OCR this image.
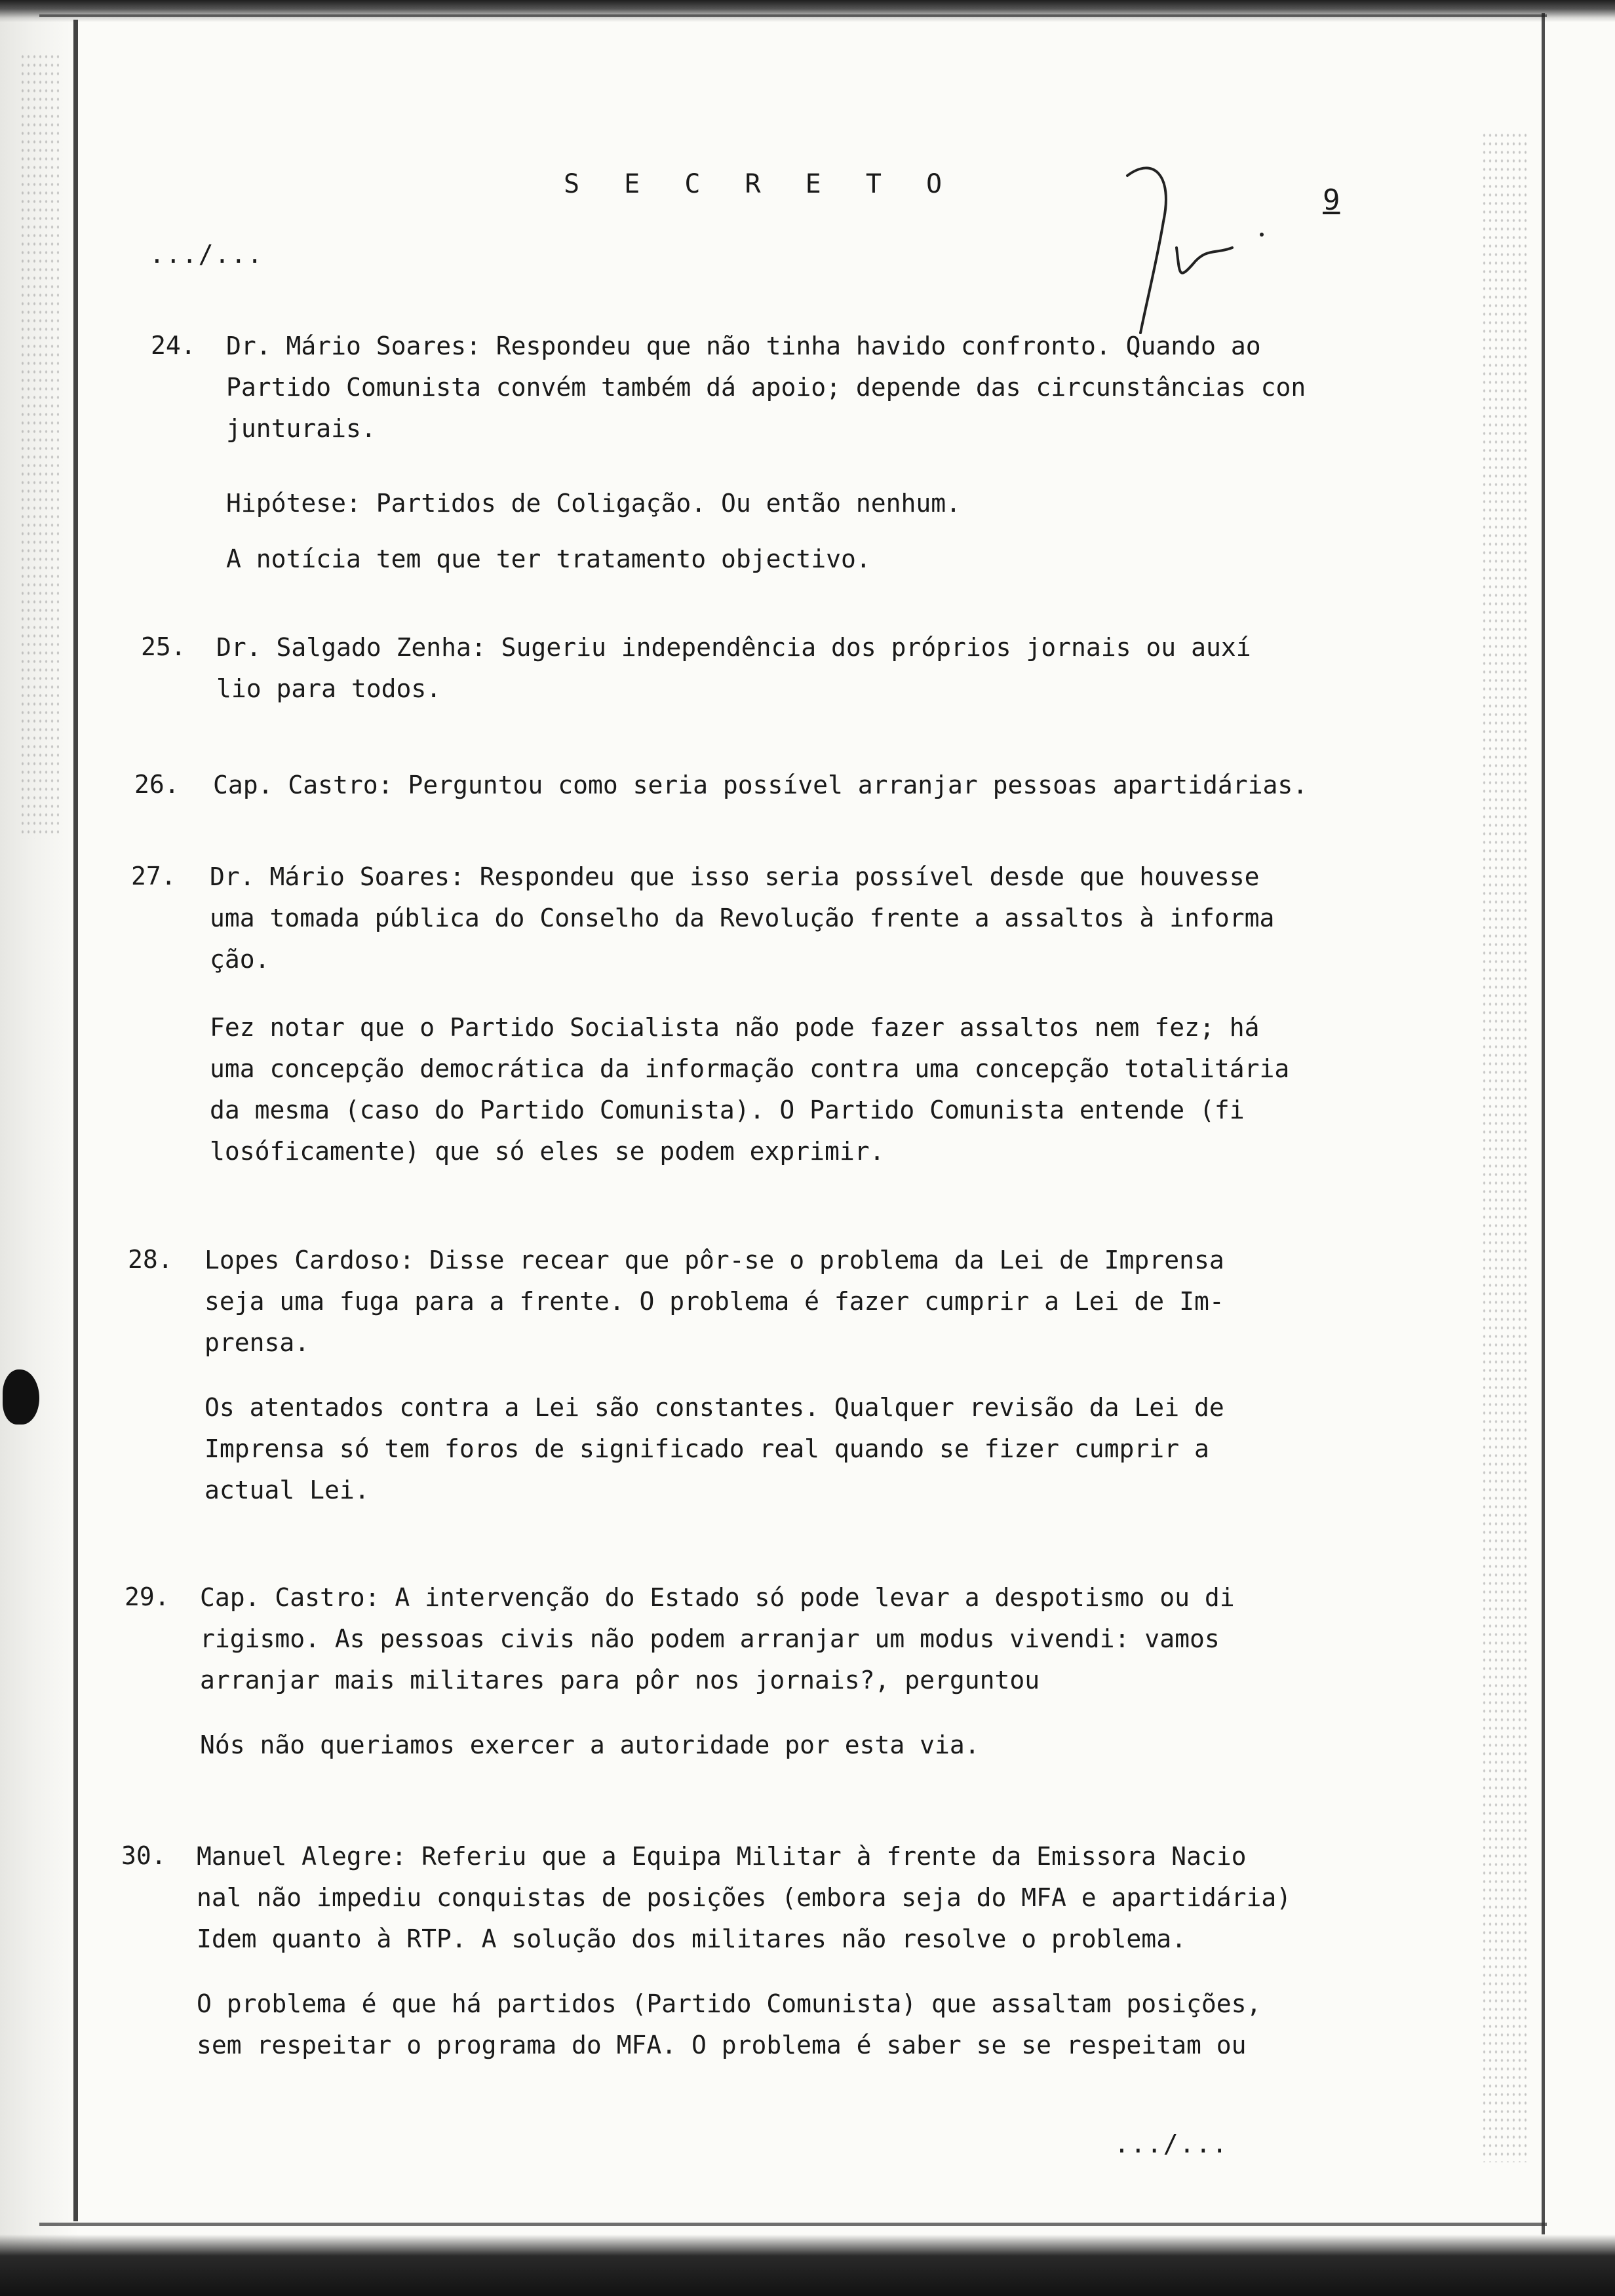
S E C R E T O	9
.../...
24. Dr. Mário Soares: Respondeu que não tinha havido confronto. Quando ao
Partido Comunista convém também dá apoio; depende das circunstâncias con
junturais.
Hipótese: Partidos de Coligação. Ou então nenhum.
A notícia tem que ter tratamento objectivo.
25. Dr. Salgado Zenha: Sugeriu independência dos próprios jornais ou auxí
lio para todos.
26. Cap. Castro: Perguntou como seria possível arranjar pessoas apartidárias.
27. Dr. Mário Soares: Respondeu que isso seria possível desde que houvesse
uma tomada pública do Conselho da Revolução frente a assaltos à informa
ção.
Fez notar que o Partido Socialista não pode fazer assaltos nem fez; há
uma concepção democrática da informação contra uma concepção totalitária
da mesma (caso do Partido Comunista). O Partido Comunista entende (fi
losóficamente) que só eles se podem exprimir.
28. Lopes Cardoso: Disse recear que pôr-se o problema da Lei de Imprensa
seja uma fuga para a frente. O problema é fazer cumprir a Lei de Im-
prensa.
Os atentados contra a Lei são constantes. Qualquer revisão da Lei de
Imprensa só tem foros de significado real quando se fizer cumprir a
actual Lei.
29. Cap. Castro: A intervenção do Estado só pode levar a despotismo ou di
rigismo. As pessoas civis não podem arranjar um modus vivendi: vamos
arranjar mais militares para pôr nos jornais?, perguntou
Nós não queriamos exercer a autoridade por esta via.
30. Manuel Alegre: Referiu que a Equipa Militar à frente da Emissora Nacio
nal não impediu conquistas de posições (embora seja do MFA e apartidária)
Idem quanto à RTP. A solução dos militares não resolve o problema.
O problema é que há partidos (Partido Comunista) que assaltam posições,
sem respeitar o programa do MFA. O problema é saber se se respeitam ou
.../...
